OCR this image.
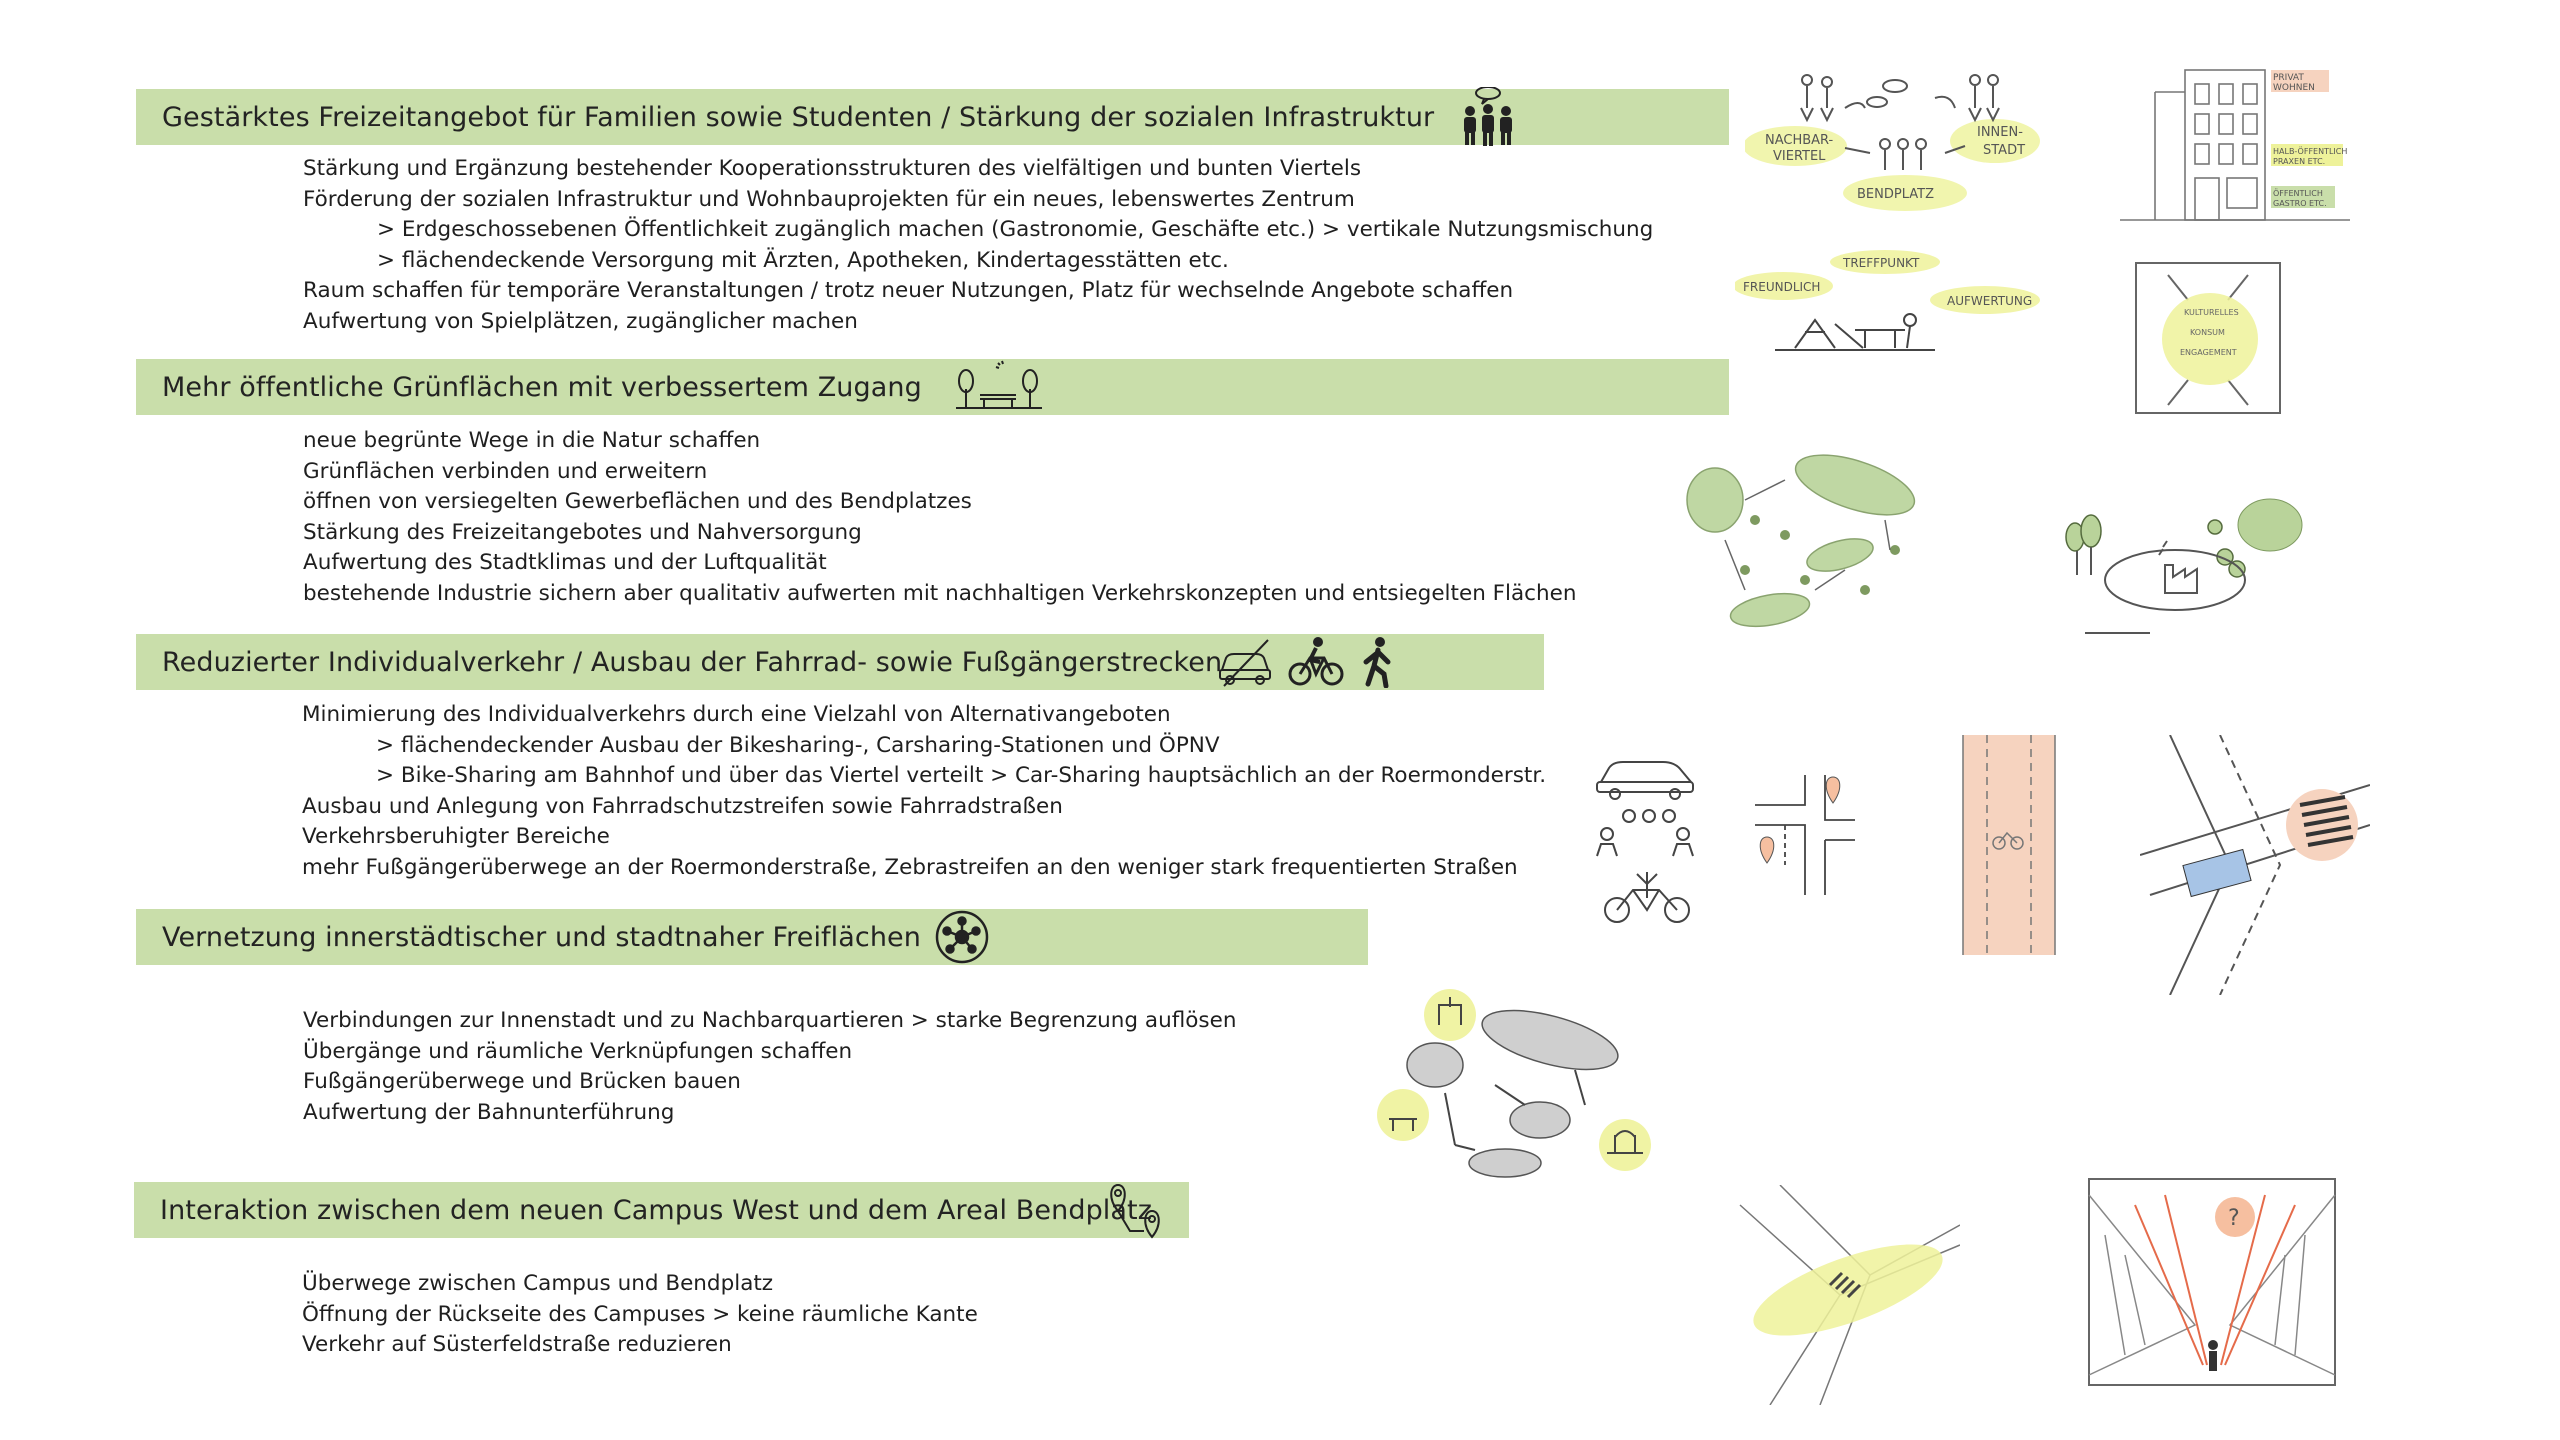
Gestärktes Freizeitangebot für Familien sowie Studenten / Stärkung der sozialen Infrastruktur
Stärkung und Ergänzung bestehender Kooperationsstrukturen des vielfältigen und bunten Viertels
Förderung der sozialen Infrastruktur und Wohnbauprojekten für ein neues, lebenswertes Zentrum
> Erdgeschossebenen Öffentlichkeit zugänglich machen (Gastronomie, Geschäfte etc.) > vertikale Nutzungsmischung
> flächendeckende Versorgung mit Ärzten, Apotheken, Kindertagesstätten etc.
Raum schaffen für temporäre Veranstaltungen / trotz neuer Nutzungen, Platz für wechselnde Angebote schaffen
Aufwertung von Spielplätzen, zugänglicher machen
Mehr öffentliche Grünflächen mit verbessertem Zugang
neue begrünte Wege in die Natur schaffen
Grünflächen verbinden und erweitern
öffnen von versiegelten Gewerbeflächen und des Bendplatzes
Stärkung des Freizeitangebotes und Nahversorgung
Aufwertung des Stadtklimas und der Luftqualität
bestehende Industrie sichern aber qualitativ aufwerten mit nachhaltigen Verkehrskonzepten und entsiegelten Flächen
Reduzierter Individualverkehr / Ausbau der Fahrrad- sowie Fußgängerstrecken
Minimierung des Individualverkehrs durch eine Vielzahl von Alternativangeboten
> flächendeckender Ausbau der Bikesharing-, Carsharing-Stationen und ÖPNV
> Bike-Sharing am Bahnhof und über das Viertel verteilt > Car-Sharing hauptsächlich an der Roermonderstr.
Ausbau und Anlegung von Fahrradschutzstreifen sowie Fahrradstraßen
Verkehrsberuhigter Bereiche
mehr Fußgängerüberwege an der Roermonderstraße, Zebrastreifen an den weniger stark frequentierten Straßen
Vernetzung innerstädtischer und stadtnaher Freiflächen
Verbindungen zur Innenstadt und zu Nachbarquartieren > starke Begrenzung auflösen
Übergänge und räumliche Verknüpfungen schaffen
Fußgängerüberwege und Brücken bauen
Aufwertung der Bahnunterführung
Interaktion zwischen dem neuen Campus West und dem Areal Bendplatz
Überwege zwischen Campus und Bendplatz
Öffnung der Rückseite des Campuses > keine räumliche Kante
Verkehr auf Süsterfeldstraße reduzieren
NACHBAR-
VIERTEL
INNEN-
STADT
BENDPLATZ
PRIVAT
WOHNEN
HALB-ÖFFENTLICH
PRAXEN ETC.
ÖFFENTLICH
GASTRO ETC.
TREFFPUNKT
FREUNDLICH
AUFWERTUNG
KULTURELLES
KONSUM
ENGAGEMENT
?
